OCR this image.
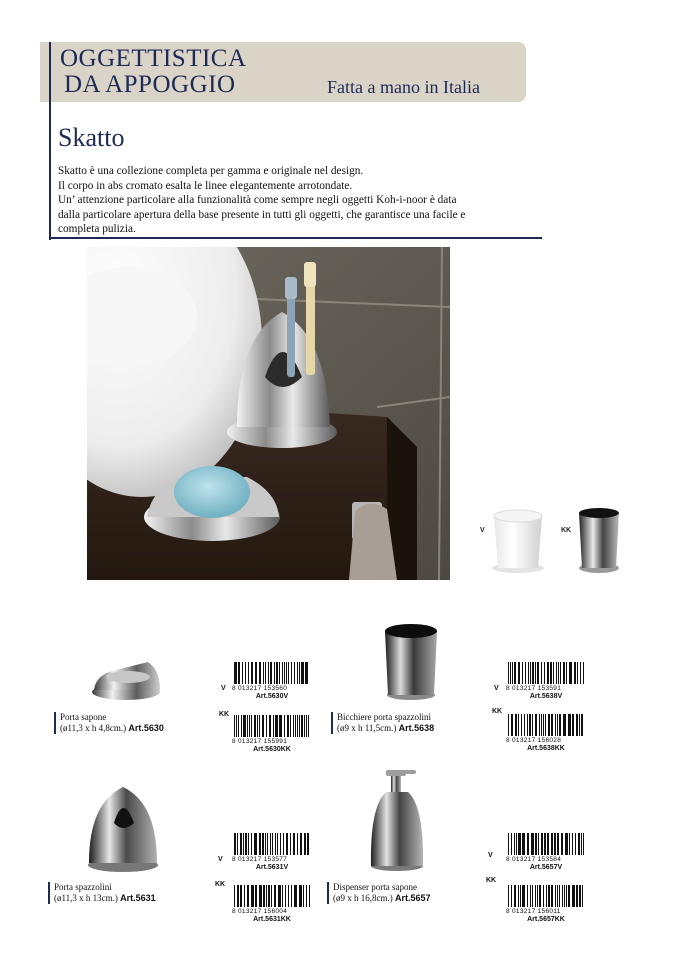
OGGETTISTICA
DA APPOGGIO	Fatta a mano in Italia
Skatto
Skatto è una collezione completa per gamma e originale nel design.
Il corpo in abs cromato esalta le linee elegantemente arrotondate.
Un’ attenzione particolare alla funzionalità come sempre negli oggetti Koh-i-noor è data
dalla particolare apertura della base presente in tutti gli oggetti, che garantisce una facile e
completa pulizia.
V	KK
Porta sapone
(ø11,3 x h 4,8cm.) Art.5630
V 8 013217 153560
Art.5630V
KK
8 013217 155991
Art.5630KK
Bicchiere porta spazzolini
(ø9 x h 11,5cm.) Art.5638
V 8 013217 153591
Art.5638V
KK
8 013217 156028
Art.5638KK
Porta spazzolini
(ø11,3 x h 13cm.) Art.5631
V 8 013217 153577
Art.5631V
KK
8 013217 156004
Art.5631KK
Dispenser porta sapone
(ø9 x h 16,8cm.) Art.5657
V
8 013217 153584
Art.5657V
KK
8 013217 156011
Art.5657KK
